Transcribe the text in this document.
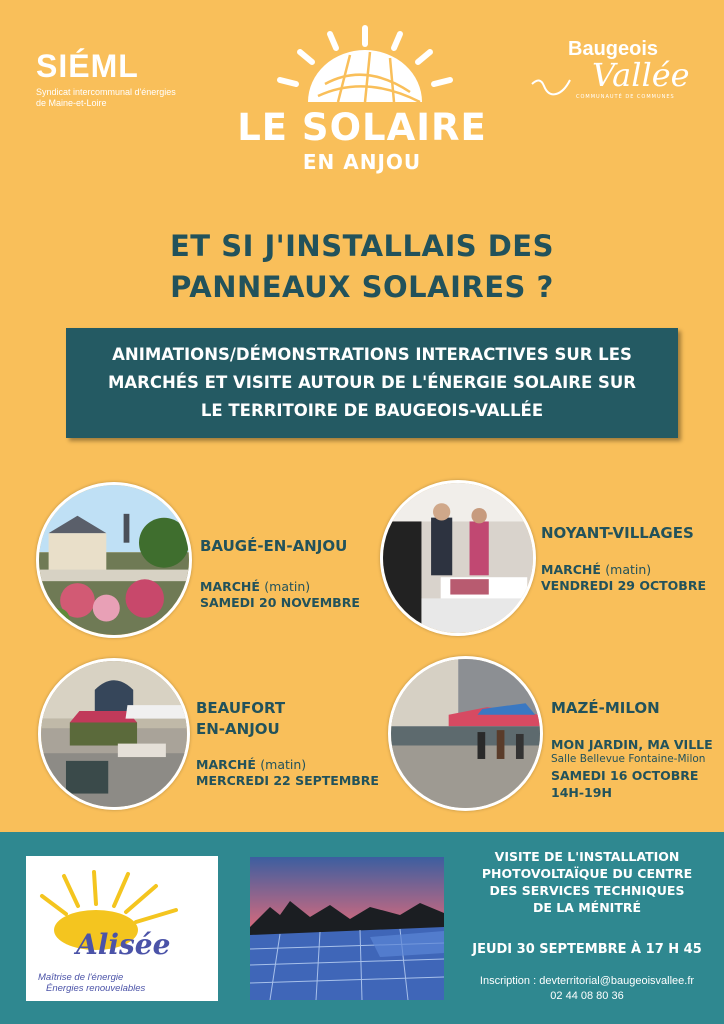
SIÉML
Syndicat intercommunal d'énergies de Maine-et-Loire
LE SOLAIRE
EN ANJOU
Baugeois
Vallée
COMMUNAUTÉ DE COMMUNES
ET SI J'INSTALLAIS DES
PANNEAUX SOLAIRES ?
ANIMATIONS/DÉMONSTRATIONS INTERACTIVES SUR LES
MARCHÉS ET VISITE AUTOUR DE L'ÉNERGIE SOLAIRE SUR
LE TERRITOIRE DE BAUGEOIS-VALLÉE
BAUGÉ-EN-ANJOU
MARCHÉ (matin)
SAMEDI 20 NOVEMBRE
NOYANT-VILLAGES
MARCHÉ (matin)
VENDREDI 29 OCTOBRE
BEAUFORT
EN-ANJOU
MARCHÉ (matin)
MERCREDI 22 SEPTEMBRE
MAZÉ-MILON
MON JARDIN, MA VILLE
Salle Bellevue Fontaine-Milon
SAMEDI 16 OCTOBRE
14H-19H
Alisée
Maîtrise de l'énergie
Énergies renouvelables
VISITE DE L'INSTALLATION
PHOTOVOLTAÏQUE DU CENTRE
DES SERVICES TECHNIQUES
DE LA MÉNITRÉ
JEUDI 30 SEPTEMBRE À 17 H 45
Inscription : devterritorial@baugeoisvallee.fr
02 44 08 80 36
